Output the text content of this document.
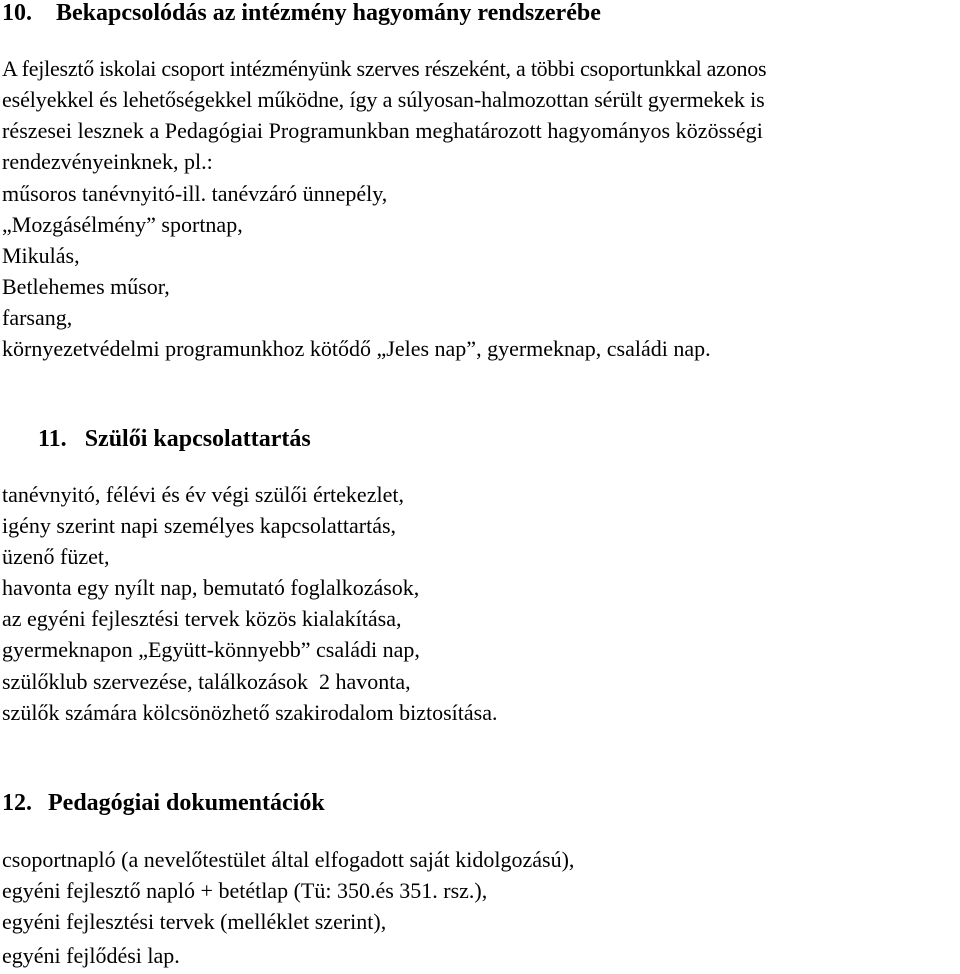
10. Bekapcsolódás az intézmény hagyomány rendszerébe
A fejlesztő iskolai csoport intézményünk szerves részeként, a többi csoportunkkal azonos
esélyekkel és lehetőségekkel működne, így a súlyosan-halmozottan sérült gyermekek is
részesei lesznek a Pedagógiai Programunkban meghatározott hagyományos közösségi
rendezvényeinknek, pl.:
műsoros tanévnyitó-ill. tanévzáró ünnepély,
„Mozgásélmény” sportnap,
Mikulás,
Betlehemes műsor,
farsang,
környezetvédelmi programunkhoz kötődő „Jeles nap”, gyermeknap, családi nap.
11. Szülői kapcsolattartás
tanévnyitó, félévi és év végi szülői értekezlet,
igény szerint napi személyes kapcsolattartás,
üzenő füzet,
havonta egy nyílt nap, bemutató foglalkozások,
az egyéni fejlesztési tervek közös kialakítása,
gyermeknapon „Együtt-könnyebb” családi nap,
szülőklub szervezése, találkozások  2 havonta,
szülők számára kölcsönözhető szakirodalom biztosítása.
12. Pedagógiai dokumentációk
csoportnapló (a nevelőtestület által elfogadott saját kidolgozású),
egyéni fejlesztő napló + betétlap (Tü: 350.és 351. rsz.),
egyéni fejlesztési tervek (melléklet szerint),
egyéni fejlődési lap.
